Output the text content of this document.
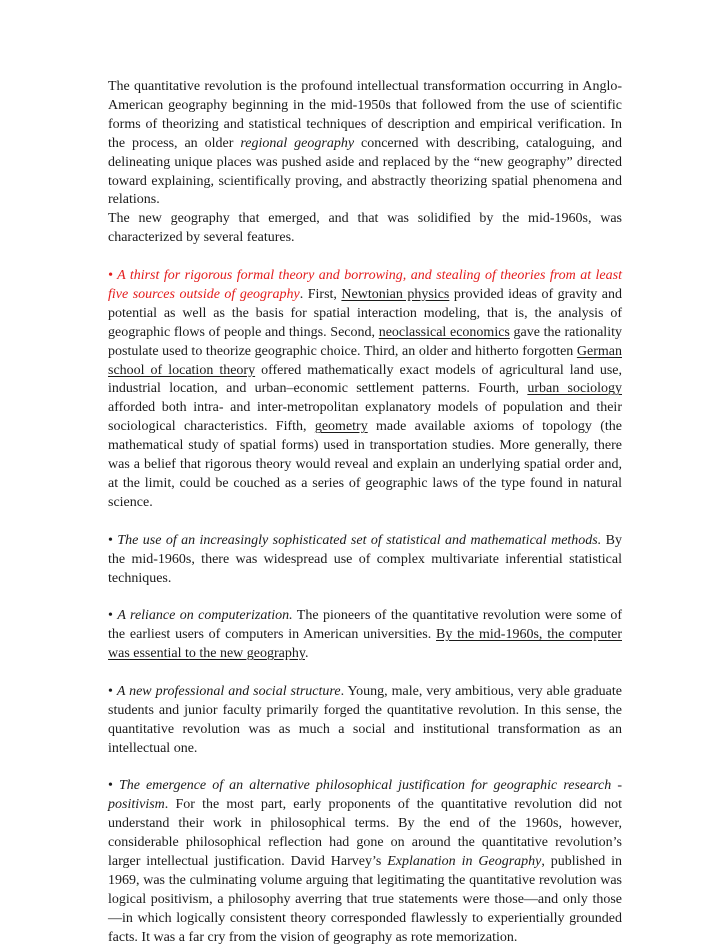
The quantitative revolution is the profound intellectual transformation occurring in Anglo-American geography beginning in the mid-1950s that followed from the use of scientific forms of theorizing and statistical techniques of description and empirical verification. In the process, an older regional geography concerned with describing, cataloguing, and delineating unique places was pushed aside and replaced by the “new geography” directed toward explaining, scientifically proving, and abstractly theorizing spatial phenomena and relations.

The new geography that emerged, and that was solidified by the mid-1960s, was characterized by several features.

• A thirst for rigorous formal theory and borrowing, and stealing of theories from at least five sources outside of geography. First, Newtonian physics provided ideas of gravity and potential as well as the basis for spatial interaction modeling, that is, the analysis of geographic flows of people and things. Second, neoclassical economics gave the rationality postulate used to theorize geographic choice. Third, an older and hitherto forgotten German school of location theory offered mathematically exact models of agricultural land use, industrial location, and urban–economic settlement patterns. Fourth, urban sociology afforded both intra- and inter-metropolitan explanatory models of population and their sociological characteristics. Fifth, geometry made available axioms of topology (the mathematical study of spatial forms) used in transportation studies. More generally, there was a belief that rigorous theory would reveal and explain an underlying spatial order and, at the limit, could be couched as a series of geographic laws of the type found in natural science.

• The use of an increasingly sophisticated set of statistical and mathematical methods. By the mid-1960s, there was widespread use of complex multivariate inferential statistical techniques.

• A reliance on computerization. The pioneers of the quantitative revolution were some of the earliest users of computers in American universities. By the mid-1960s, the computer was essential to the new geography.

• A new professional and social structure. Young, male, very ambitious, very able graduate students and junior faculty primarily forged the quantitative revolution. In this sense, the quantitative revolution was as much a social and institutional transformation as an intellectual one.

• The emergence of an alternative philosophical justification for geographic research - positivism. For the most part, early proponents of the quantitative revolution did not understand their work in philosophical terms. By the end of the 1960s, however, considerable philosophical reflection had gone on around the quantitative revolution’s larger intellectual justification. David Harvey’s Explanation in Geography, published in 1969, was the culminating volume arguing that legitimating the quantitative revolution was logical positivism, a philosophy averring that true statements were those—and only those—in which logically consistent theory corresponded flawlessly to experientially grounded facts. It was a far cry from the vision of geography as rote memorization.
